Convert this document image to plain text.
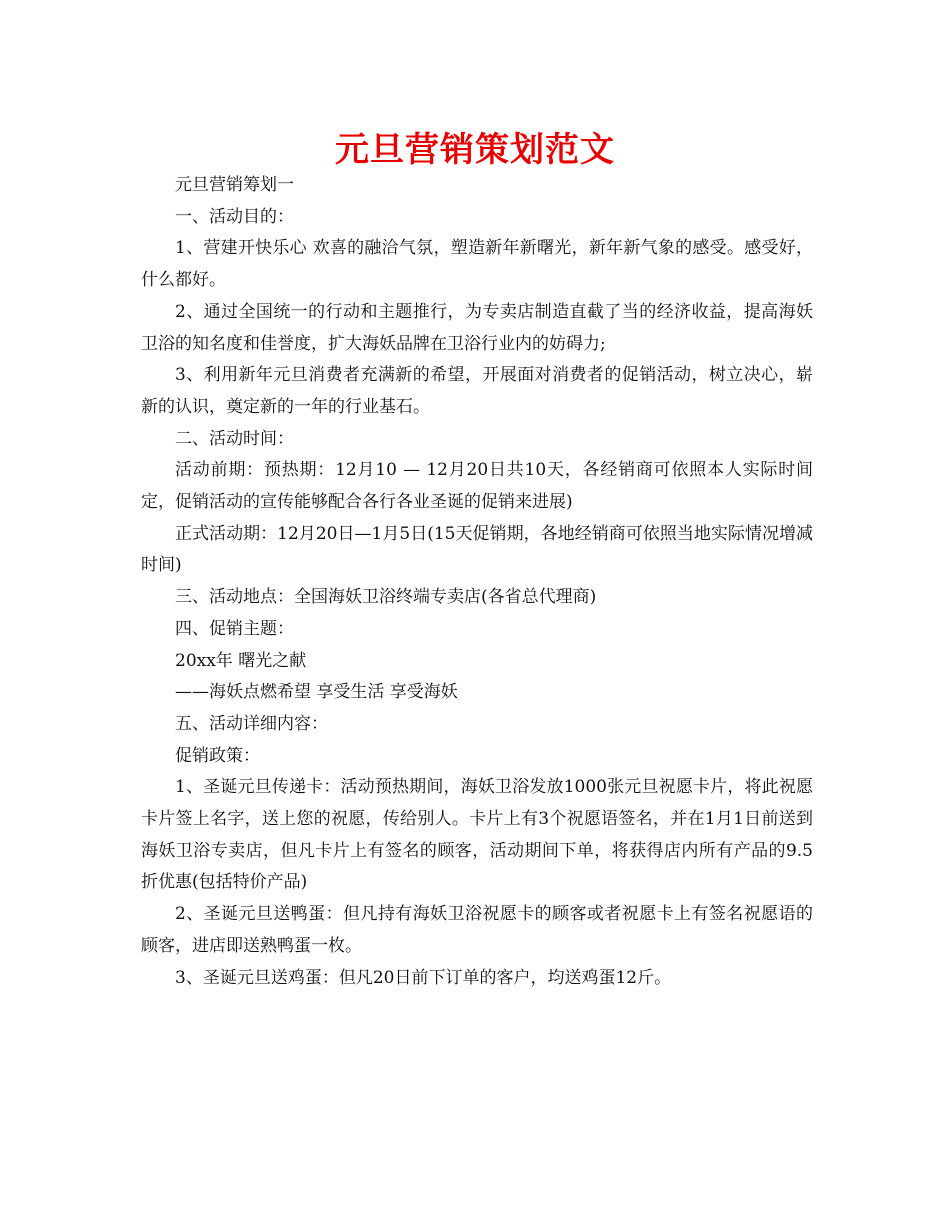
元旦营销策划范文

元旦营销筹划一

一、活动目的：

1、营建开快乐心 欢喜的融洽气氛，塑造新年新曙光，新年新气象的感受。感受好，什么都好。

2、通过全国统一的行动和主题推行，为专卖店制造直截了当的经济收益，提高海妖卫浴的知名度和佳誉度，扩大海妖品牌在卫浴行业内的妨碍力;

3、利用新年元旦消费者充满新的希望，开展面对消费者的促销活动，树立决心，崭新的认识，奠定新的一年的行业基石。

二、活动时间：

活动前期：预热期：12月10 — 12月20日共10天，各经销商可依照本人实际时间定，促销活动的宣传能够配合各行各业圣诞的促销来进展)

正式活动期：12月20日—1月5日(15天促销期，各地经销商可依照当地实际情况增减时间)

三、活动地点：全国海妖卫浴终端专卖店(各省总代理商)

四、促销主题：

20xx年 曙光之献

——海妖点燃希望 享受生活 享受海妖

五、活动详细内容：

促销政策：

1、圣诞元旦传递卡：活动预热期间，海妖卫浴发放1000张元旦祝愿卡片，将此祝愿卡片签上名字，送上您的祝愿，传给别人。卡片上有3个祝愿语签名，并在1月1日前送到海妖卫浴专卖店，但凡卡片上有签名的顾客，活动期间下单，将获得店内所有产品的9.5折优惠(包括特价产品)

2、圣诞元旦送鸭蛋：但凡持有海妖卫浴祝愿卡的顾客或者祝愿卡上有签名祝愿语的顾客，进店即送熟鸭蛋一枚。

3、圣诞元旦送鸡蛋：但凡20日前下订单的客户，均送鸡蛋12斤。
